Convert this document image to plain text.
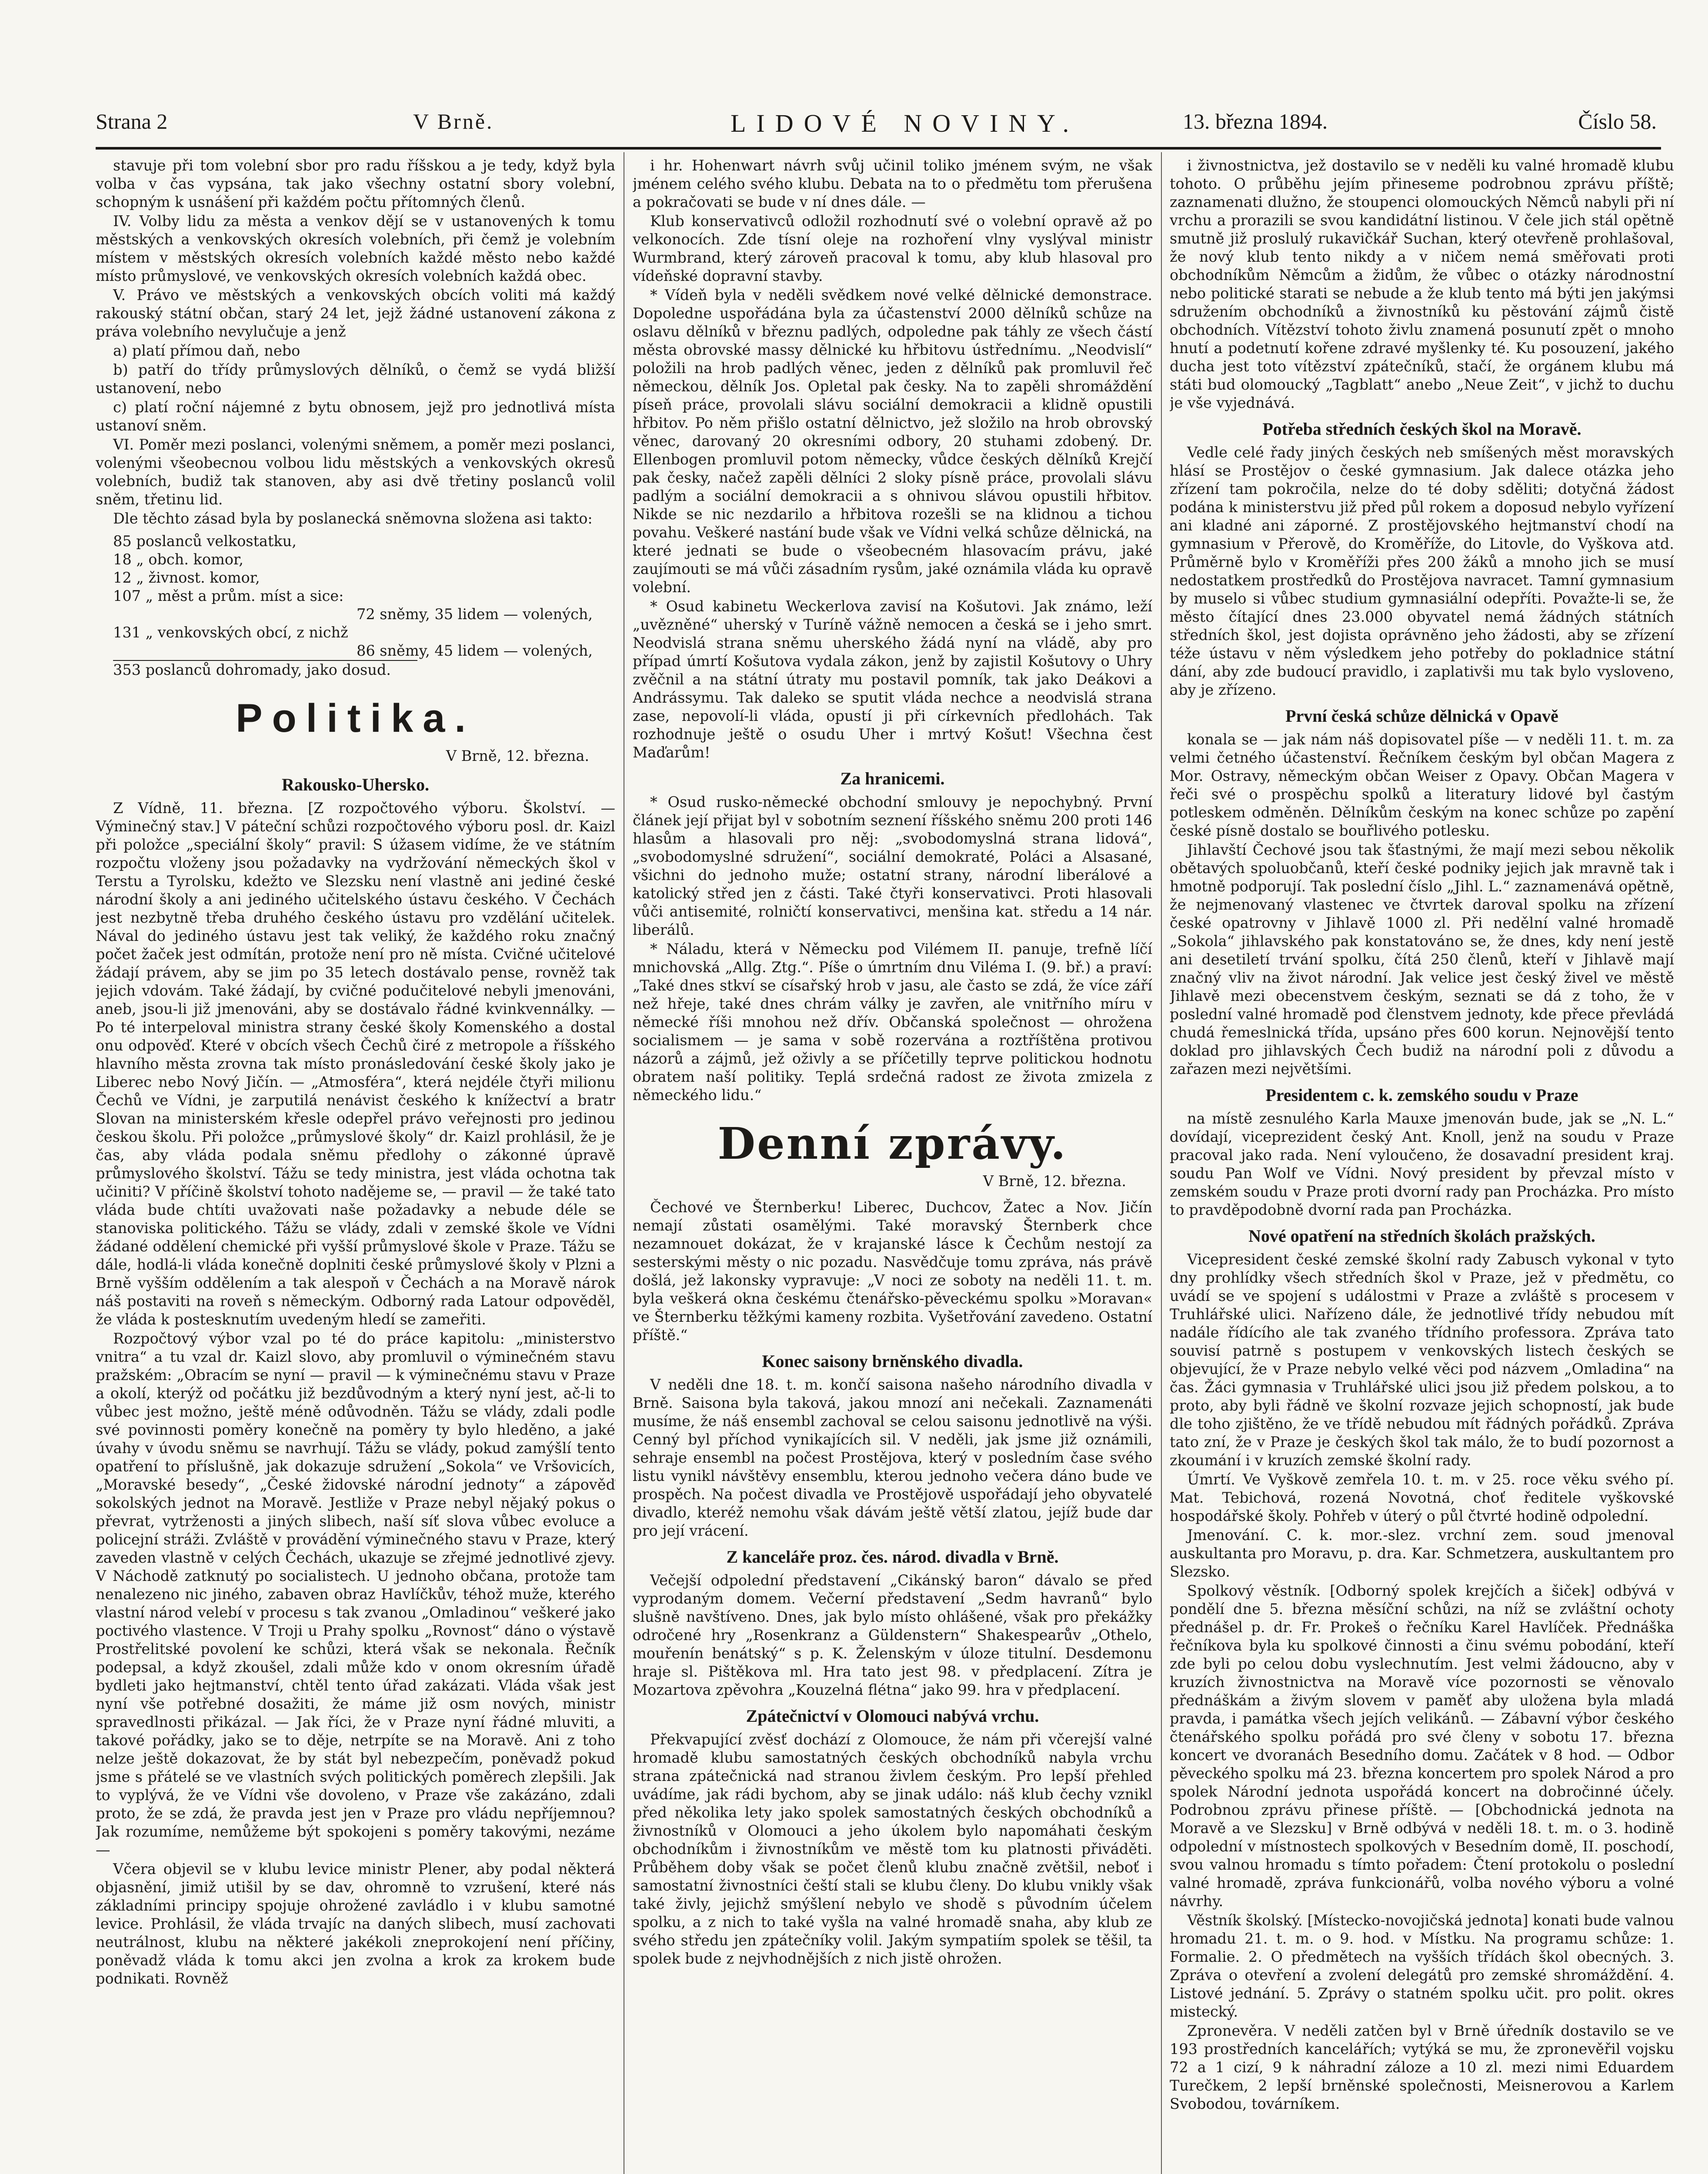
Strana 2	V Brně.	LIDOVÉ NOVINY.	13. března 1894.	Číslo 58.

stavuje při tom volební sbor pro radu říšskou a je tedy, když byla volba v čas vypsána, tak jako všechny ostatní sbory volební, schopným k usnášení při každém počtu přítomných členů.

IV. Volby lidu za města a venkov dějí se v ustanovených k tomu městských a venkovských okresích volebních, při čemž je volebním místem v městských okresích volebních každé město nebo každé místo průmyslové, ve venkovských okresích volebních každá obec.

V. Právo ve městských a venkovských obcích voliti má každý rakouský státní občan, starý 24 let, jejž žádné ustanovení zákona z práva volebního nevylučuje a jenž

a) platí přímou daň, nebo

b) patří do třídy průmyslových dělníků, o čemž se vydá bližší ustanovení, nebo

c) platí roční nájemné z bytu obnosem, jejž pro jednotlivá místa ustanoví sněm.

VI. Poměr mezi poslanci, volenými sněmem, a poměr mezi poslanci, volenými všeobecnou volbou lidu městských a venkovských okresů volebních, budiž tak stanoven, aby asi dvě třetiny poslanců volil sněm, třetinu lid.

Dle těchto zásad byla by poslanecká sněmovna složena asi takto:

85 poslanců velkostatku,
18 „ obch. komor,
12 „ živnost. komor,
107 „ měst a prům. míst a sice:
72 sněmy, 35 lidem — volených,
131 „ venkovských obcí, z nichž
86 sněmy, 45 lidem — volených,
353 poslanců dohromady, jako dosud.
Politika.
V Brně, 12. března.
Rakousko-Uhersko.

Z Vídně, 11. března. [Z rozpočtového výboru. Školství. — Výminečný stav.] V páteční schůzi rozpočtového výboru posl. dr. Kaizl při položce „speciální školy“ pravil: S úžasem vidíme, že ve státním rozpočtu vloženy jsou požadavky na vydržování německých škol v Terstu a Tyrolsku, kdežto ve Slezsku není vlastně ani jediné české národní školy a ani jediného učitelského ústavu českého. V Čechách jest nezbytně třeba druhého českého ústavu pro vzdělání učitelek. Nával do jediného ústavu jest tak veliký, že každého roku značný počet žaček jest odmítán, protože není pro ně místa. Cvičné učitelové žádají právem, aby se jim po 35 letech dostávalo pense, rovněž tak jejich vdovám. Také žádají, by cvičné podučitelové nebyli jmenováni, aneb, jsou-li již jmenováni, aby se dostávalo řádné kvinkvennálky. — Po té interpeloval ministra strany české školy Komenského a dostal onu odpověď. Které v obcích všech Čechů čiré z metropole a říšského hlavního města zrovna tak místo pronásledování české školy jako je Liberec nebo Nový Jičín. — „Atmosféra“, která nejdéle čtyři milionu Čechů ve Vídni, je zarputilá nenávist českého k knížectví a bratr Slovan na ministerském křesle odepřel právo veřejnosti pro jedinou českou školu. Při položce „průmyslové školy“ dr. Kaizl prohlásil, že je čas, aby vláda podala sněmu předlohy o zákonné úpravě průmyslového školství. Tážu se tedy ministra, jest vláda ochotna tak učiniti? V příčině školství tohoto nadějeme se, — pravil — že také tato vláda bude chtíti uvažovati naše požadavky a nebude déle se stanoviska politického. Tážu se vlády, zdali v zemské škole ve Vídni žádané oddělení chemické při vyšší průmyslové škole v Praze. Tážu se dále, hodlá-li vláda konečně doplniti české průmyslové školy v Plzni a Brně vyšším oddělením a tak alespoň v Čechách a na Moravě nárok náš postaviti na roveň s německým. Odborný rada Latour odpověděl, že vláda k postesknutím uvedeným hledí se zameřiti.

Rozpočtový výbor vzal po té do práce kapitolu: „ministerstvo vnitra“ a tu vzal dr. Kaizl slovo, aby promluvil o výminečném stavu pražském: „Obracím se nyní — pravil — k výminečnému stavu v Praze a okolí, kterýž od počátku již bezdůvodným a který nyní jest, ač-li to vůbec jest možno, ještě méně odůvodněn. Tážu se vlády, zdali podle své povinnosti poměry konečně na poměry ty bylo hleděno, a jaké úvahy v úvodu sněmu se navrhují. Tážu se vlády, pokud zamýšlí tento opatření to příslušně, jak dokazuje sdružení „Sokola“ ve Vršovicích, „Moravské besedy“, „České židovské národní jednoty“ a zápověď sokolských jednot na Moravě. Jestliže v Praze nebyl nějaký pokus o převrat, vytrženosti a jiných slibech, naší síť slova vůbec evoluce a policejní stráži. Zvláště v provádění výminečného stavu v Praze, který zaveden vlastně v celých Čechách, ukazuje se zřejmé jednotlivé zjevy. V Náchodě zatknutý po socialistech. U jednoho občana, protože tam nenalezeno nic jiného, zabaven obraz Havlíčkův, téhož muže, kterého vlastní národ velebí v procesu s tak zvanou „Omladinou“ veškeré jako poctivého vlastence. V Troji u Prahy spolku „Rovnost“ dáno o výstavě Prostřelitské povolení ke schůzi, která však se nekonala. Řečník podepsal, a když zkoušel, zdali může kdo v onom okresním úřadě bydleti jako hejtmanství, chtěl tento úřad zakázati. Vláda však jest nyní vše potřebné dosažiti, že máme již osm nových, ministr spravedlnosti přikázal. — Jak říci, že v Praze nyní řádné mluviti, a takové pořádky, jako se to děje, netrpíte se na Moravě. Ani z toho nelze ještě dokazovat, že by stát byl nebezpečím, poněvadž pokud jsme s přátelé se ve vlastních svých politických poměrech zlepšili. Jak to vyplývá, že ve Vídni vše dovoleno, v Praze vše zakázáno, zdali proto, že se zdá, že pravda jest jen v Praze pro vládu nepříjemnou? Jak rozumíme, nemůžeme být spokojeni s poměry takovými, nezáme —

Včera objevil se v klubu levice ministr Plener, aby podal některá objasnění, jimiž utišil by se dav, ohromně to vzrušení, které nás základními principy spojuje ohrožené zavládlo i v klubu samotné levice. Prohlásil, že vláda trvajíc na daných slibech, musí zachovati neutrálnost, klubu na některé jakékoli zneprokojení není příčiny, poněvadž vláda k tomu akci jen zvolna a krok za krokem bude podnikati. Rovněž

i hr. Hohenwart návrh svůj učinil toliko jménem svým, ne však jménem celého svého klubu. Debata na to o předmětu tom přerušena a pokračovati se bude v ní dnes dále. —

Klub konservativců odložil rozhodnutí své o volební opravě až po velkonocích. Zde tísní oleje na rozhoření vlny vyslýval ministr Wurmbrand, který zároveň pracoval k tomu, aby klub hlasoval pro vídeňské dopravní stavby.

* Vídeň byla v neděli svědkem nové velké dělnické demonstrace. Dopoledne uspořádána byla za účastenství 2000 dělníků schůze na oslavu dělníků v březnu padlých, odpoledne pak táhly ze všech částí města obrovské massy dělnické ku hřbitovu ústřednímu. „Neodvislí“ položili na hrob padlých věnec, jeden z dělníků pak promluvil řeč německou, dělník Jos. Opletal pak česky. Na to zapěli shromáždění píseň práce, provolali slávu sociální demokracii a klidně opustili hřbitov. Po něm přišlo ostatní dělnictvo, jež složilo na hrob obrovský věnec, darovaný 20 okresními odbory, 20 stuhami zdobený. Dr. Ellenbogen promluvil potom německy, vůdce českých dělníků Krejčí pak česky, načež zapěli dělníci 2 sloky písně práce, provolali slávu padlým a sociální demokracii a s ohnivou slávou opustili hřbitov. Nikde se nic nezdarilo a hřbitova rozešli se na klidnou a tichou povahu. Veškeré nastání bude však ve Vídni velká schůze dělnická, na které jednati se bude o všeobecném hlasovacím právu, jaké zaujímouti se má vůči zásadním rysům, jaké oznámila vláda ku opravě volební.

* Osud kabinetu Weckerlova zavisí na Košutovi. Jak známo, leží „uvězněné“ uherský v Turíně vážně nemocen a česká se i jeho smrt. Neodvislá strana sněmu uherského žádá nyní na vládě, aby pro případ úmrtí Košutova vydala zákon, jenž by zajistil Košutovy o Uhry zvěčnil a na státní útraty mu postavil pomník, tak jako Deákovi a Andrássymu. Tak daleko se sputit vláda nechce a neodvislá strana zase, nepovolí-li vláda, opustí ji při církevních předlohách. Tak rozhodnuje ještě o osudu Uher i mrtvý Košut! Všechna čest Maďarům!

Za hranicemi.

* Osud rusko-německé obchodní smlouvy je nepochybný. První článek její přijat byl v sobotním seznení říšského sněmu 200 proti 146 hlasům a hlasovali pro něj: „svobodomyslná strana lidová“, „svobodomyslné sdružení“, sociální demokraté, Poláci a Alsasané, všichni do jednoho muže; ostatní strany, národní liberálové a katolický střed jen z části. Také čtyři konservativci. Proti hlasovali vůči antisemité, rolničtí konservativci, menšina kat. středu a 14 nár. liberálů.

* Náladu, která v Německu pod Vilémem II. panuje, trefně líčí mnichovská „Allg. Ztg.“. Píše o úmrtním dnu Viléma I. (9. bř.) a praví: „Také dnes stkví se císařský hrob v jasu, ale často se zdá, že více září než hřeje, také dnes chrám války je zavřen, ale vnitřního míru v německé říši mnohou než dřív. Občanská společnost — ohrožena socialismem — je sama v sobě rozervána a roztříštěna protivou názorů a zájmů, jež oživly a se příčetilly teprve politickou hodnotu obratem naší politiky. Teplá srdečná radost ze života zmizela z německého lidu.“

Denní zprávy.
V Brně, 12. března.

Čechové ve Šternberku! Liberec, Duchcov, Žatec a Nov. Jičín nemají zůstati osamělými. Také moravský Šternberk chce nezamnouet dokázat, že v krajanské lásce k Čechům nestojí za sesterskými městy o nic pozadu. Nasvědčuje tomu zpráva, nás právě došlá, jež lakonsky vypravuje: „V noci ze soboty na neděli 11. t. m. byla veškerá okna českému čtenářsko-pěveckému spolku »Moravan« ve Šternberku těžkými kameny rozbita. Vyšetřování zavedeno. Ostatní příště.“

Konec saisony brněnského divadla.

V neděli dne 18. t. m. končí saisona našeho národního divadla v Brně. Saisona byla taková, jakou mnozí ani nečekali. Zaznamenáti musíme, že náš ensembl zachoval se celou saisonu jednotlivě na výši. Cenný byl příchod vynikajících sil. V neděli, jak jsme již oznámili, sehraje ensembl na počest Prostějova, který v posledním čase svého listu vynikl návštěvy ensemblu, kterou jednoho večera dáno bude ve prospěch. Na počest divadla ve Prostějově uspořádají jeho obyvatelé divadlo, kteréž nemohu však dávám ještě větší zlatou, jejíž bude dar pro její vrácení.

Z kanceláře proz. čes. národ. divadla v Brně.

Večejší odpolední představení „Cikánský baron“ dávalo se před vyprodaným domem. Večerní představení „Sedm havranů“ bylo slušně navštíveno. Dnes, jak bylo místo ohlášené, však pro překážky odročené hry „Rosenkranz a Güldenstern“ Shakespearův „Othelo, mouřenín benátský“ s p. K. Želenským v úloze titulní. Desdemonu hraje sl. Pištěkova ml. Hra tato jest 98. v předplacení. Zítra je Mozartova zpěvohra „Kouzelná flétna“ jako 99. hra v předplacení.

Zpátečnictví v Olomouci nabývá vrchu.

Překvapující zvěsť dochází z Olomouce, že nám při včerejší valné hromadě klubu samostatných českých obchodníků nabyla vrchu strana zpátečnická nad stranou živlem českým. Pro lepší přehled uvádíme, jak rádi bychom, aby se jinak událo: náš klub čechy vznikl před několika lety jako spolek samostatných českých obchodníků a živnostníků v Olomouci a jeho úkolem bylo napomáhati českým obchodníkům i živnostníkům ve městě tom ku platnosti přiváděti. Průběhem doby však se počet členů klubu značně zvětšil, neboť i samostatní živnostníci čeští stali se klubu členy. Do klubu vnikly však také živly, jejichž smýšlení nebylo ve shodě s původním účelem spolku, a z nich to také vyšla na valné hromadě snaha, aby klub ze svého středu jen zpátečníky volil. Jakým sympatiím spolek se těšil, ta spolek bude z nejvhodnějších z nich jistě ohrožen.

i živnostnictva, jež dostavilo se v neděli ku valné hromadě klubu tohoto. O průběhu jejím přineseme podrobnou zprávu příště; zaznamenati dlužno, že stoupenci olomouckých Němců nabyli při ní vrchu a prorazili se svou kandidátní listinou. V čele jich stál opětně smutně již proslulý rukavičkář Suchan, který otevřeně prohlašoval, že nový klub tento nikdy a v ničem nemá směřovati proti obchodníkům Němcům a židům, že vůbec o otázky národnostní nebo politické starati se nebude a že klub tento má býti jen jakýmsi sdružením obchodníků a živnostníků ku pěstování zájmů čistě obchodních. Vítězství tohoto živlu znamená posunutí zpět o mnoho hnutí a podetnutí kořene zdravé myšlenky té. Ku posouzení, jakého ducha jest toto vítězství zpátečníků, stačí, že orgánem klubu má státi bud olomoucký „Tagblatt“ anebo „Neue Zeit“, v jichž to duchu je vše vyjednává.

Potřeba středních českých škol na Moravě.

Vedle celé řady jiných českých neb smíšených měst moravských hlásí se Prostějov o české gymnasium. Jak dalece otázka jeho zřízení tam pokročila, nelze do té doby sděliti; dotyčná žádost podána k ministerstvu již před půl rokem a doposud nebylo vyřízení ani kladné ani záporné. Z prostějovského hejtmanství chodí na gymnasium v Přerově, do Kroměříže, do Litovle, do Vyškova atd. Průměrně bylo v Kroměříži přes 200 žáků a mnoho jich se musí nedostatkem prostředků do Prostějova navracet. Tamní gymnasium by muselo si vůbec studium gymnasiální odepříti. Považte-li se, že město čítající dnes 23.000 obyvatel nemá žádných státních středních škol, jest dojista oprávněno jeho žádosti, aby se zřízení téže ústavu v něm výsledkem jeho potřeby do pokladnice státní dání, aby zde budoucí pravidlo, i zaplativši mu tak bylo vysloveno, aby je zřízeno.

První česká schůze dělnická v Opavě

konala se — jak nám náš dopisovatel píše — v neděli 11. t. m. za velmi četného účastenství. Řečníkem českým byl občan Magera z Mor. Ostravy, německým občan Weiser z Opavy. Občan Magera v řeči své o prospěchu spolků a literatury lidové byl častým potleskem odměněn. Dělníkům českým na konec schůze po zapění české písně dostalo se bouřlivého potlesku.

Jihlavští Čechové jsou tak šťastnými, že mají mezi sebou několik obětavých spoluobčanů, kteří české podniky jejich jak mravně tak i hmotně podporují. Tak poslední číslo „Jihl. L.“ zaznamenává opětně, že nejmenovaný vlastenec ve čtvrtek daroval spolku na zřízení české opatrovny v Jihlavě 1000 zl. Při nedělní valné hromadě „Sokola“ jihlavského pak konstatováno se, že dnes, kdy není jestě ani desetiletí trvání spolku, čítá 250 členů, kteří v Jihlavě mají značný vliv na život národní. Jak velice jest český živel ve městě Jihlavě mezi obecenstvem českým, seznati se dá z toho, že v poslední valné hromadě pod členstvem jednoty, kde přece převládá chudá řemeslnická třída, upsáno přes 600 korun. Nejnovější tento doklad pro jihlavských Čech budiž na národní poli z důvodu a zařazen mezi největšími.

Presidentem c. k. zemského soudu v Praze

na místě zesnulého Karla Mauxe jmenován bude, jak se „N. L.“ dovídají, viceprezident český Ant. Knoll, jenž na soudu v Praze pracoval jako rada. Není vyloučeno, že dosavadní president kraj. soudu Pan Wolf ve Vídni. Nový president by převzal místo v zemském soudu v Praze proti dvorní rady pan Procházka. Pro místo to pravděpodobně dvorní rada pan Procházka.

Nové opatření na středních školách pražských.

Vicepresident české zemské školní rady Zabusch vykonal v tyto dny prohlídky všech středních škol v Praze, jež v předmětu, co uvádí se ve spojení s událostmi v Praze a zvláště s procesem v Truhlářské ulici. Nařízeno dále, že jednotlivé třídy nebudou mít nadále řídícího ale tak zvaného třídního professora. Zpráva tato souvisí patrně s postupem v venkovských listech českých se objevující, že v Praze nebylo velké věci pod názvem „Omladina“ na čas. Žáci gymnasia v Truhlářské ulici jsou již předem polskou, a to proto, aby byli řádně ve školní rozvaze jejich schopností, jak bude dle toho zjištěno, že ve třídě nebudou mít řádných pořádků. Zpráva tato zní, že v Praze je českých škol tak málo, že to budí pozornost a zkoumání i v kruzích zemské školní rady.

Úmrtí. Ve Vyškově zemřela 10. t. m. v 25. roce věku svého pí. Mat. Tebichová, rozená Novotná, choť ředitele vyškovské hospodářské školy. Pohřeb v úterý o půl čtvrté hodině odpolední.

Jmenování. C. k. mor.-slez. vrchní zem. soud jmenoval auskultanta pro Moravu, p. dra. Kar. Schmetzera, auskultantem pro Slezsko.

Spolkový věstník. [Odborný spolek krejčích a šiček] odbývá v pondělí dne 5. března měsíční schůzi, na níž se zvláštní ochoty přednášel p. dr. Fr. Prokeš o řečníku Karel Havlíček. Přednáška řečníkova byla ku spolkové činnosti a činu svému pobodání, kteří zde byli po celou dobu vyslechnutím. Jest velmi žádoucno, aby v kruzích živnostnictva na Moravě více pozornosti se věnovalo přednáškám a živým slovem v paměť aby uložena byla mladá pravda, i památka všech jejích velikánů. — Zábavní výbor českého čtenářského spolku pořádá pro své členy v sobotu 17. března koncert ve dvoranách Besedního domu. Začátek v 8 hod. — Odbor pěveckého spolku má 23. března koncertem pro spolek Národ a pro spolek Národní jednota uspořádá koncert na dobročinné účely. Podrobnou zprávu přinese příště. — [Obchodnická jednota na Moravě a ve Slezsku] v Brně odbývá v neděli 18. t. m. o 3. hodině odpolední v místnostech spolkových v Besedním domě, II. poschodí, svou valnou hromadu s tímto pořadem: Čtení protokolu o poslední valné hromadě, zpráva funkcionářů, volba nového výboru a volné návrhy.

Věstník školský. [Místecko-novojičská jednota] konati bude valnou hromadu 21. t. m. o 9. hod. v Místku. Na programu schůze: 1. Formalie. 2. O předmětech na vyšších třídách škol obecných. 3. Zpráva o otevření a zvolení delegátů pro zemské shromáždění. 4. Listové jednání. 5. Zprávy o statném spolku učit. pro polit. okres mistecký.

Zpronevěra. V neděli zatčen byl v Brně úředník dostavilo se ve 193 prostředních kancelářích; vytýká se mu, že zpronevěřil vojsku 72 a 1 cizí, 9 k náhradní záloze a 10 zl. mezi nimi Eduardem Turečkem, 2 lepší brněnské společnosti, Meisnerovou a Karlem Svobodou, továrníkem.
